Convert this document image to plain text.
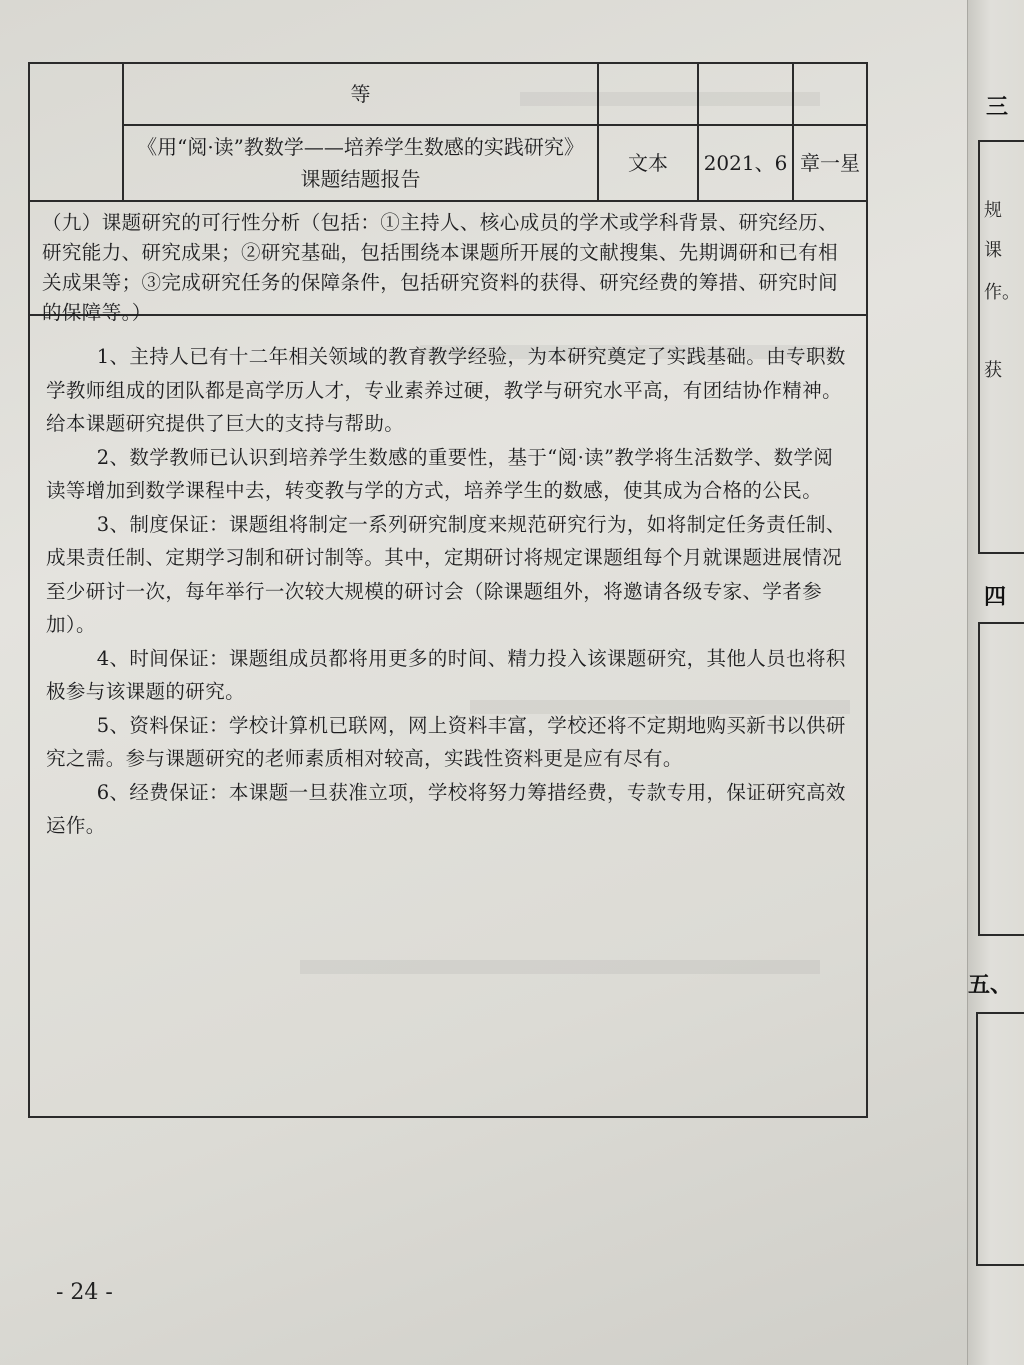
等
《用“阅·读”教数学——培养学生数感的实践研究》课题结题报告
文本 2021、6 章一星
（九）课题研究的可行性分析（包括：①主持人、核心成员的学术或学科背景、研究经历、研究能力、研究成果；②研究基础，包括围绕本课题所开展的文献搜集、先期调研和已有相关成果等；③完成研究任务的保障条件，包括研究资料的获得、研究经费的筹措、研究时间的保障等。）

1、主持人已有十二年相关领域的教育教学经验，为本研究奠定了实践基础。由专职数学教师组成的团队都是高学历人才，专业素养过硬，教学与研究水平高，有团结协作精神。给本课题研究提供了巨大的支持与帮助。

2、数学教师已认识到培养学生数感的重要性，基于“阅·读”教学将生活数学、数学阅读等增加到数学课程中去，转变教与学的方式，培养学生的数感，使其成为合格的公民。

3、制度保证：课题组将制定一系列研究制度来规范研究行为，如将制定任务责任制、成果责任制、定期学习制和研讨制等。其中，定期研讨将规定课题组每个月就课题进展情况至少研讨一次，每年举行一次较大规模的研讨会（除课题组外，将邀请各级专家、学者参加）。

4、时间保证：课题组成员都将用更多的时间、精力投入该课题研究，其他人员也将积极参与该课题的研究。

5、资料保证：学校计算机已联网，网上资料丰富，学校还将不定期地购买新书以供研究之需。参与课题研究的老师素质相对较高，实践性资料更是应有尽有。

6、经费保证：本课题一旦获准立项，学校将努力筹措经费，专款专用，保证研究高效运作。

- 24 -
三
规
课
作。
获
四
五、
